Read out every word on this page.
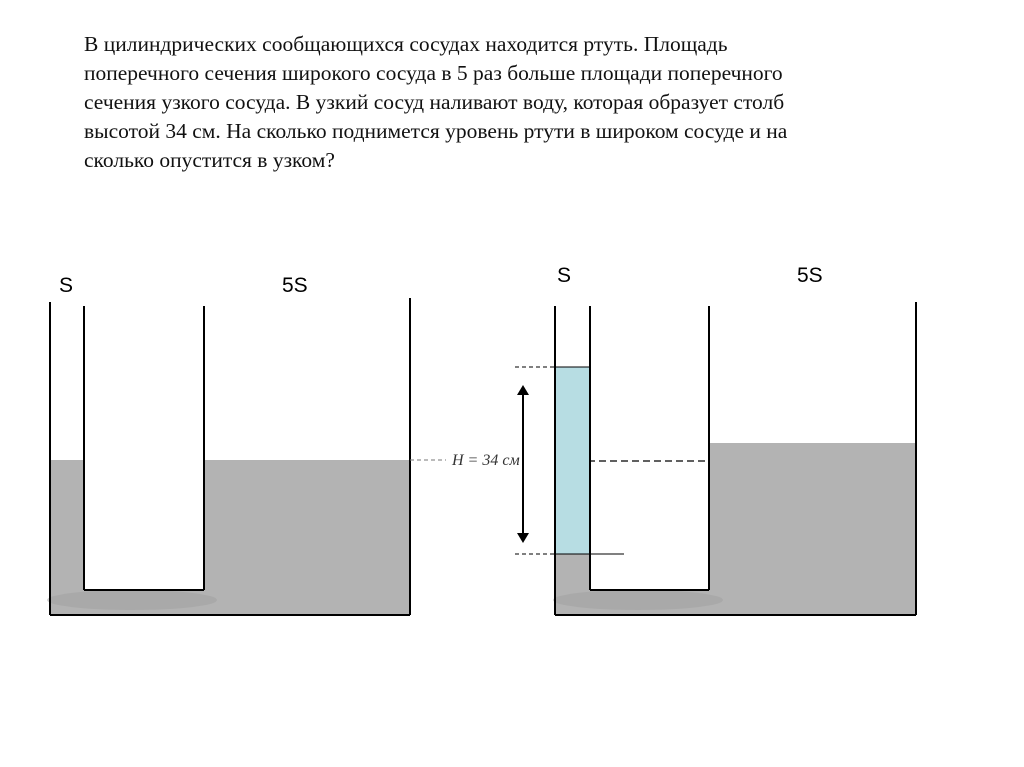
В цилиндрических сообщающихся сосудах находится ртуть. Площадь
поперечного сечения широкого сосуда в 5 раз больше площади поперечного
сечения узкого сосуда. В узкий сосуд наливают воду, которая образует столб
высотой 34 см. На сколько поднимется уровень ртути в широком сосуде и на
сколько опустится в узком?
S	5S	S	5S
H = 34 см
